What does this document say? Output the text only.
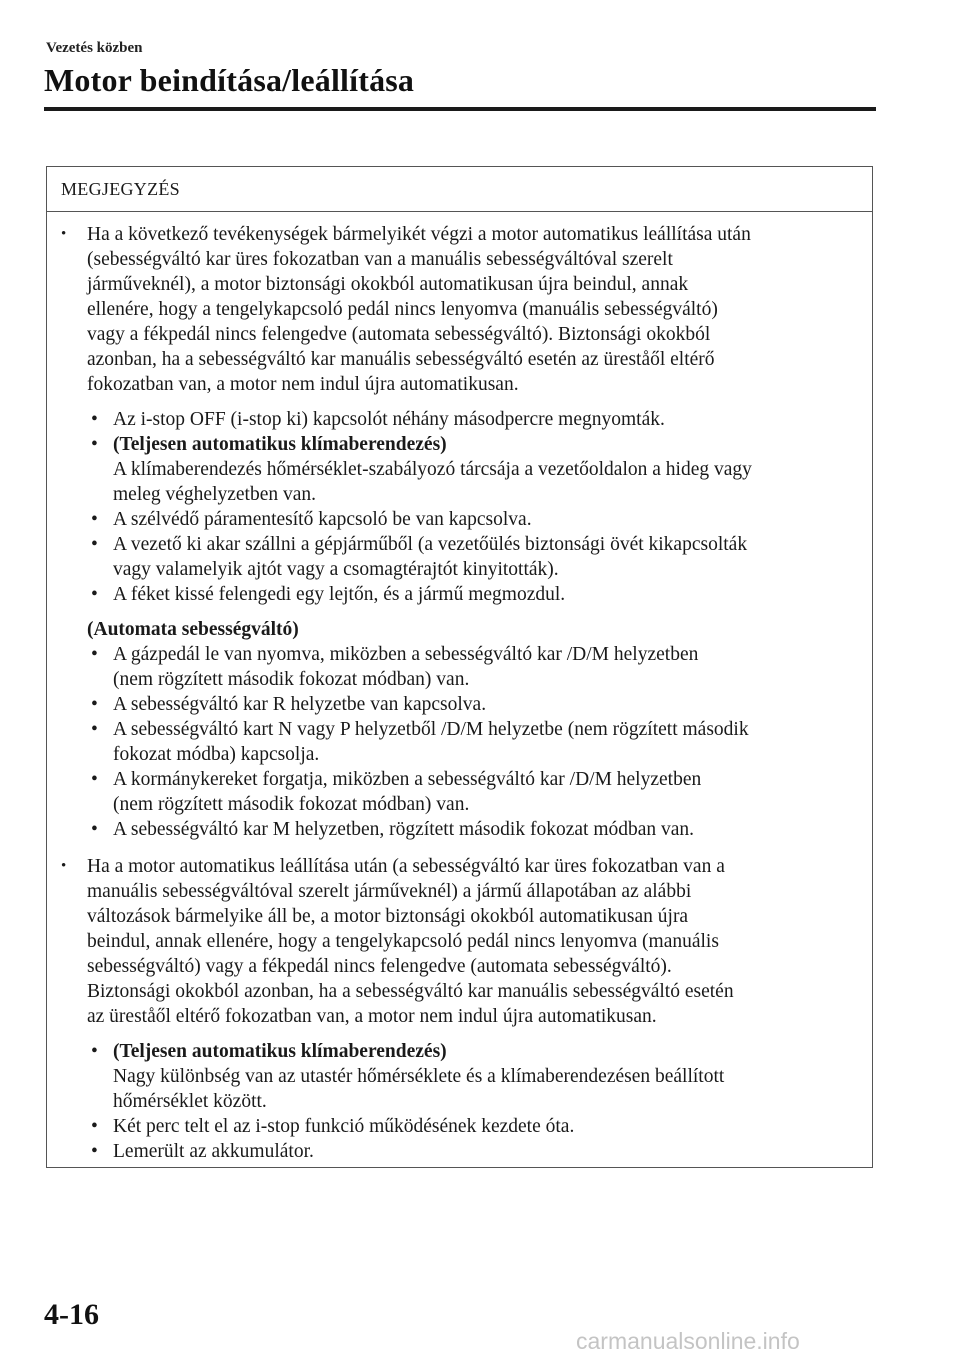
Vezetés közben
Motor beindítása/leállítása
MEGJEGYZÉS
• Ha a következő tevékenységek bármelyikét végzi a motor automatikus leállítása után
(sebességváltó kar üres fokozatban van a manuális sebességváltóval szerelt
járműveknél), a motor biztonsági okokból automatikusan újra beindul, annak
ellenére, hogy a tengelykapcsoló pedál nincs lenyomva (manuális sebességváltó)
vagy a fékpedál nincs felengedve (automata sebességváltó). Biztonsági okokból
azonban, ha a sebességváltó kar manuális sebességváltó esetén az üreståől eltérő
fokozatban van, a motor nem indul újra automatikusan.
• Az i-stop OFF (i-stop ki) kapcsolót néhány másodpercre megnyomták.
• (Teljesen automatikus klímaberendezés)
A klímaberendezés hőmérséklet-szabályozó tárcsája a vezetőoldalon a hideg vagy
meleg véghelyzetben van.
• A szélvédő páramentesítő kapcsoló be van kapcsolva.
• A vezető ki akar szállni a gépjárműből (a vezetőülés biztonsági övét kikapcsolták
vagy valamelyik ajtót vagy a csomagtérajtót kinyitották).
• A féket kissé felengedi egy lejtőn, és a jármű megmozdul.
(Automata sebességváltó)
• A gázpedál le van nyomva, miközben a sebességváltó kar /D/M helyzetben
(nem rögzített második fokozat módban) van.
• A sebességváltó kar R helyzetbe van kapcsolva.
• A sebességváltó kart N vagy P helyzetből /D/M helyzetbe (nem rögzített második
fokozat módba) kapcsolja.
• A kormánykereket forgatja, miközben a sebességváltó kar /D/M helyzetben
(nem rögzített második fokozat módban) van.
• A sebességváltó kar M helyzetben, rögzített második fokozat módban van.
• Ha a motor automatikus leállítása után (a sebességváltó kar üres fokozatban van a
manuális sebességváltóval szerelt járműveknél) a jármű állapotában az alábbi
változások bármelyike áll be, a motor biztonsági okokból automatikusan újra
beindul, annak ellenére, hogy a tengelykapcsoló pedál nincs lenyomva (manuális
sebességváltó) vagy a fékpedál nincs felengedve (automata sebességváltó).
Biztonsági okokból azonban, ha a sebességváltó kar manuális sebességváltó esetén
az üreståől eltérő fokozatban van, a motor nem indul újra automatikusan.
• (Teljesen automatikus klímaberendezés)
Nagy különbség van az utastér hőmérséklete és a klímaberendezésen beállított
hőmérséklet között.
• Két perc telt el az i-stop funkció működésének kezdete óta.
• Lemerült az akkumulátor.
4-16
carmanualsonline.info
